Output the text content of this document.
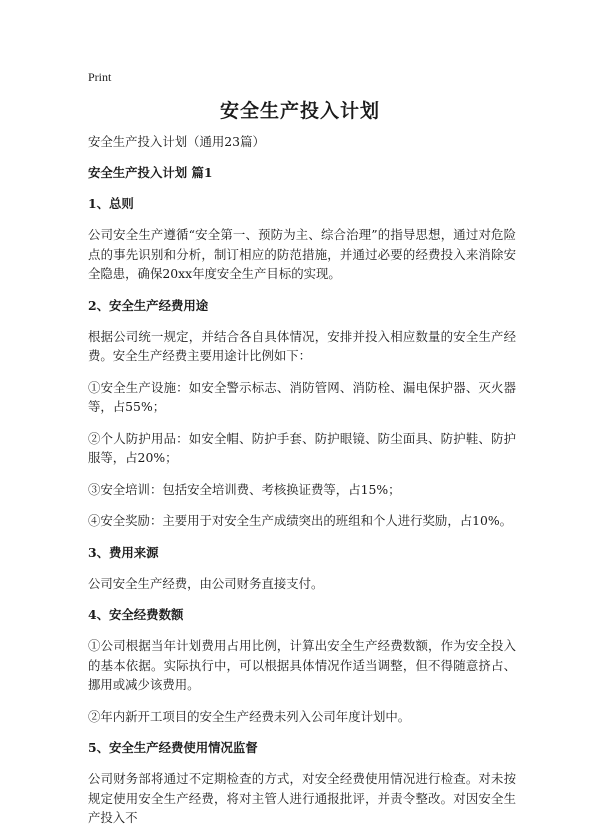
Print
安全生产投入计划

安全生产投入计划（通用23篇）

安全生产投入计划 篇1

1、总则

公司安全生产遵循“安全第一、预防为主、综合治理”的指导思想，通过对危险点的事先识别和分析，制订相应的防范措施，并通过必要的经费投入来消除安全隐患，确保20xx年度安全生产目标的实现。

2、安全生产经费用途

根据公司统一规定，并结合各自具体情况，安排并投入相应数量的安全生产经费。安全生产经费主要用途计比例如下：

①安全生产设施：如安全警示标志、消防管网、消防栓、漏电保护器、灭火器等，占55%；

②个人防护用品：如安全帽、防护手套、防护眼镜、防尘面具、防护鞋、防护服等，占20%；

③安全培训：包括安全培训费、考核换证费等，占15%；

④安全奖励：主要用于对安全生产成绩突出的班组和个人进行奖励，占10%。

3、费用来源

公司安全生产经费，由公司财务直接支付。

4、安全经费数额

①公司根据当年计划费用占用比例，计算出安全生产经费数额，作为安全投入的基本依据。实际执行中，可以根据具体情况作适当调整，但不得随意挤占、挪用或减少该费用。

②年内新开工项目的安全生产经费未列入公司年度计划中。

5、安全生产经费使用情况监督

公司财务部将通过不定期检查的方式，对安全经费使用情况进行检查。对未按规定使用安全生产经费，将对主管人进行通报批评，并责令整改。对因安全生产投入不
